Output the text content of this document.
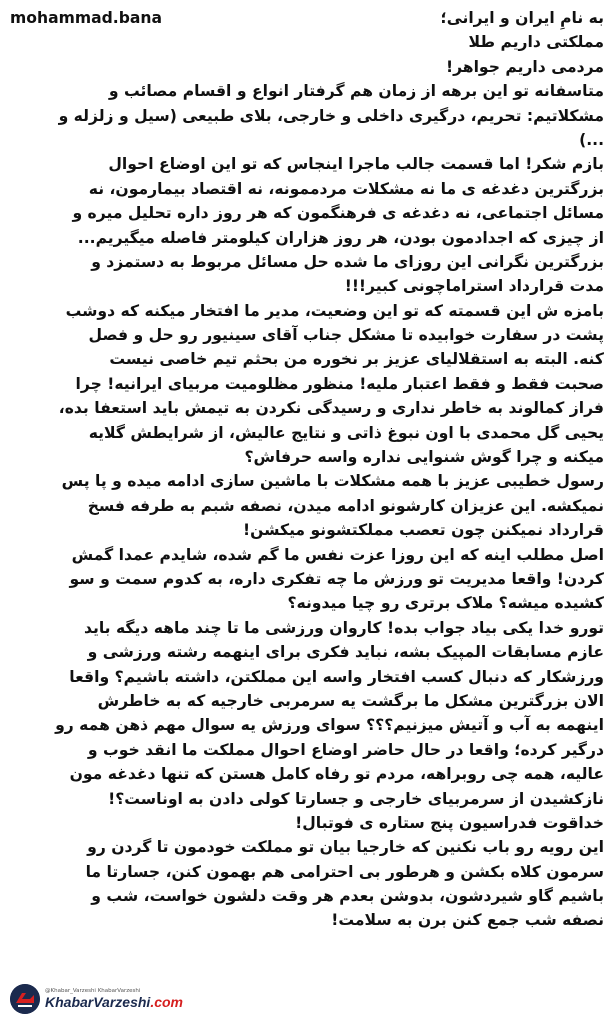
به نامِ ایران و ایرانی؛
mohammad.bana
مملکتی داریم طلا
مردمی داریم جواهر!
متاسفانه تو این برهه از زمان هم گرفتار انواع و اقسام مصائب و
مشکلاتیم: تحریم، درگیری داخلی و خارجی، بلای طبیعی (سیل و زلزله و
...)
بازم شکر! اما قسمت جالب ماجرا اینجاس که تو این اوضاع احوال
بزرگترین دغدغه ی ما نه مشکلات مردممونه، نه اقتصاد بیمارمون، نه
مسائل اجتماعی، نه دغدغه ی فرهنگمون که هر روز داره تحلیل میره و
از چیزی که اجدادمون بودن، هر روز هزاران کیلومتر فاصله میگیریم...
بزرگترین نگرانی این روزای ما شده حل مسائل مربوط به دستمزد و
مدت قرارداد استراماچونی کبیر!!!
بامزه ش این قسمته که تو این وضعیت، مدیر ما افتخار میکنه که دوشب
پشت در سفارت خوابیده تا مشکل جناب آقای سینیور رو حل و فصل
کنه. البته به استقلالیای عزیز بر نخوره من بحثم تیم خاصی نیست
صحبت فقط و فقط اعتبار ملیه! منظور مظلومیت مربیای ایرانیه! چرا
فراز کمالوند به خاطر نداری و رسیدگی نکردن به تیمش باید استعفا بده،
یحیی گل محمدی با اون نبوغ ذاتی و نتایج عالیش، از شرایطش گلایه
میکنه و چرا گوش شنوایی نداره واسه حرفاش؟
رسول خطیبی عزیز با همه مشکلات با ماشین سازی ادامه میده و پا پس
نمیکشه. این عزیزان کارشونو ادامه میدن، نصفه شبم به طرفه فسخ
قرارداد نمیکنن چون تعصب مملکتشونو میکشن!
اصل مطلب اینه که این روزا عزت نفس ما گم شده، شایدم عمدا گمش
کردن! واقعا مدیریت تو ورزش ما چه تفکری داره، به کدوم سمت و سو
کشیده میشه؟ ملاک برتری رو چیا میدونه؟
تورو خدا یکی بیاد جواب بده! کاروان ورزشی ما تا چند ماهه دیگه باید
عازم مسابقات المپیک بشه، نباید فکری برای اینهمه رشته ورزشی و
ورزشکار که دنبال کسب افتخار واسه این مملکتن، داشته باشیم؟ واقعا
الان بزرگترین مشکل ما برگشت یه سرمربی خارجیه که به خاطرش
اینهمه به آب و آتیش میزنیم؟؟؟ سوای ورزش یه سوال مهم ذهن همه رو
درگیر کرده؛ واقعا در حال حاضر اوضاع احوال مملکت ما انقد خوب و
عالیه، همه چی روبراهه، مردم تو رفاه کامل هستن که تنها دغدغه مون
نازکشیدن از سرمربیای خارجی و جسارتا کولی دادن به اوناست؟!
خداقوت فدراسیون پنج ستاره ی فوتبال!
این رویه رو باب نکنین که خارجیا بیان تو مملکت خودمون تا گردن رو
سرمون کلاه بکشن و هرطور بی احترامی هم بهمون کنن، جسارتا ما
باشیم گاو شیردشون، بدوشن بعدم هر وقت دلشون خواست، شب و
نصفه شب جمع کنن برن به سلامت!
@Khabar_Varzeshi KhabarVarzeshi
KhabarVarzeshi.com
